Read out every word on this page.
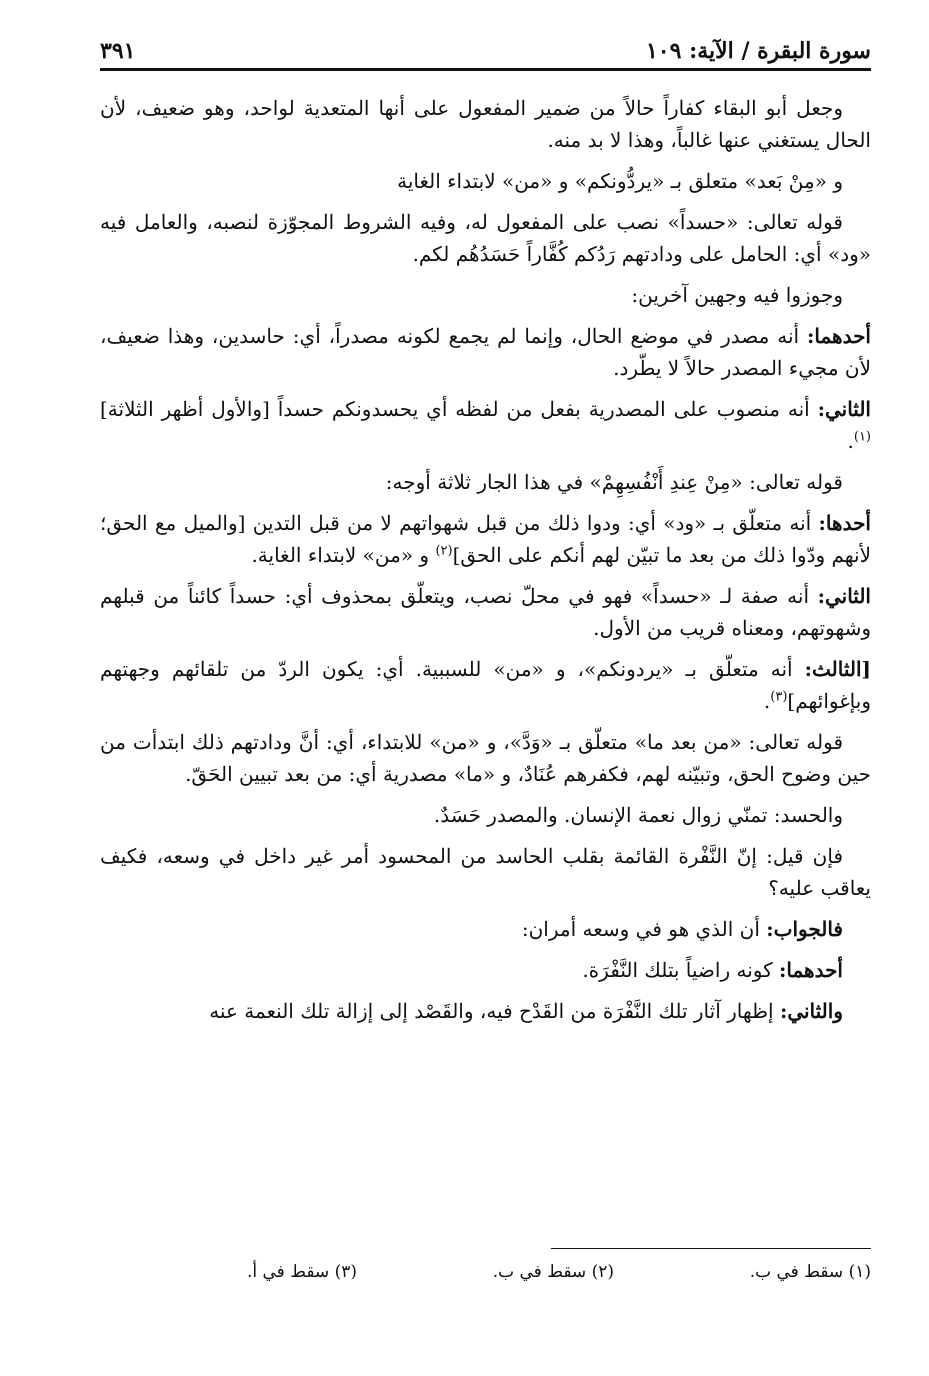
سورة البقرة / الآية: ١٠٩
٣٩١

وجعل أبو البقاء كفاراً حالاً من ضمير المفعول على أنها المتعدية لواحد، وهو ضعيف، لأن الحال يستغني عنها غالباً، وهذا لا بد منه.

و «مِنْ بَعد» متعلق بـ «يردُّونكم» و «من» لابتداء الغاية

قوله تعالى: «حسداً» نصب على المفعول له، وفيه الشروط المجوّزة لنصبه، والعامل فيه «ود» أي: الحامل على ودادتهم رَدُكم كُفَّاراً حَسَدُهُم لكم.

وجوزوا فيه وجهين آخرين:

أحدهما: أنه مصدر في موضع الحال، وإنما لم يجمع لكونه مصدراً، أي: حاسدين، وهذا ضعيف، لأن مجيء المصدر حالاً لا يطّرد.

الثاني: أنه منصوب على المصدرية بفعل من لفظه أي يحسدونكم حسداً [والأول أظهر الثلاثة]$^{(١)}$.

قوله تعالى: «مِنْ عِندِ أَنْفُسِهِمْ» في هذا الجار ثلاثة أوجه:

أحدها: أنه متعلّق بـ «ود» أي: ودوا ذلك من قبل شهواتهم لا من قبل التدين [والميل مع الحق؛ لأنهم ودّوا ذلك من بعد ما تبيّن لهم أنكم على الحق]$^{(٢)}$ و «من» لابتداء الغاية.

الثاني: أنه صفة لـ «حسداً» فهو في محلّ نصب، ويتعلّق بمحذوف أي: حسداً كائناً من قبلهم وشهوتهم، ومعناه قريب من الأول.

[الثالث: أنه متعلّق بـ «يردونكم»، و «من» للسببية. أي: يكون الردّ من تلقائهم وجهتهم وبإغوائهم]$^{(٣)}$.

قوله تعالى: «من بعد ما» متعلّق بـ «وَدَّ»، و «من» للابتداء، أي: أنَّ ودادتهم ذلك ابتدأت من حين وضوح الحق، وتبيّنه لهم، فكفرهم عُنَادٌ، و «ما» مصدرية أي: من بعد تبيين الحَقّ.

والحسد: تمنّي زوال نعمة الإنسان. والمصدر حَسَدٌ.

فإن قيل: إنّ النَّفْرة القائمة بقلب الحاسد من المحسود أمر غير داخل في وسعه، فكيف يعاقب عليه؟

فالجواب: أن الذي هو في وسعه أمران:

أحدهما: كونه راضياً بتلك النَّفْرَة.

والثاني: إظهار آثار تلك النَّفْرَة من القَدْح فيه، والقَصْد إلى إزالة تلك النعمة عنه

(١) سقط في ب.
(٢) سقط في ب.
(٣) سقط في أ.
